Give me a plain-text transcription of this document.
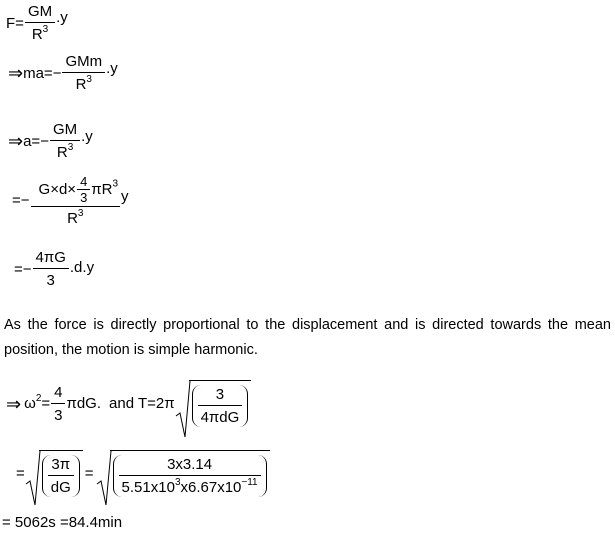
$F= \frac{GM}{R^3} .y$
⇒ma=− $\frac{\text{GMm}}{R^3} .y$
⇒a=− $\frac{GM}{R^3} .y$
=− $\frac{G\times d\times \frac{4}{3} \pi R^3}{R^3}$ y
=− $\frac{4\pi G}{3} .d.y$
As the force is directly proportional to the displacement and is directed towards the mean position, the motion is simple harmonic.
⇒ $\omega^2= \frac{4}{3} \pi dG$. and $T=2\pi \frac{3}{\text{4πdG}}$
= $\frac{3\pi}{dG} = \frac{3x3.14}{5.51x10^3x6.67x10^{-11}}$
= 5062s =84.4min
